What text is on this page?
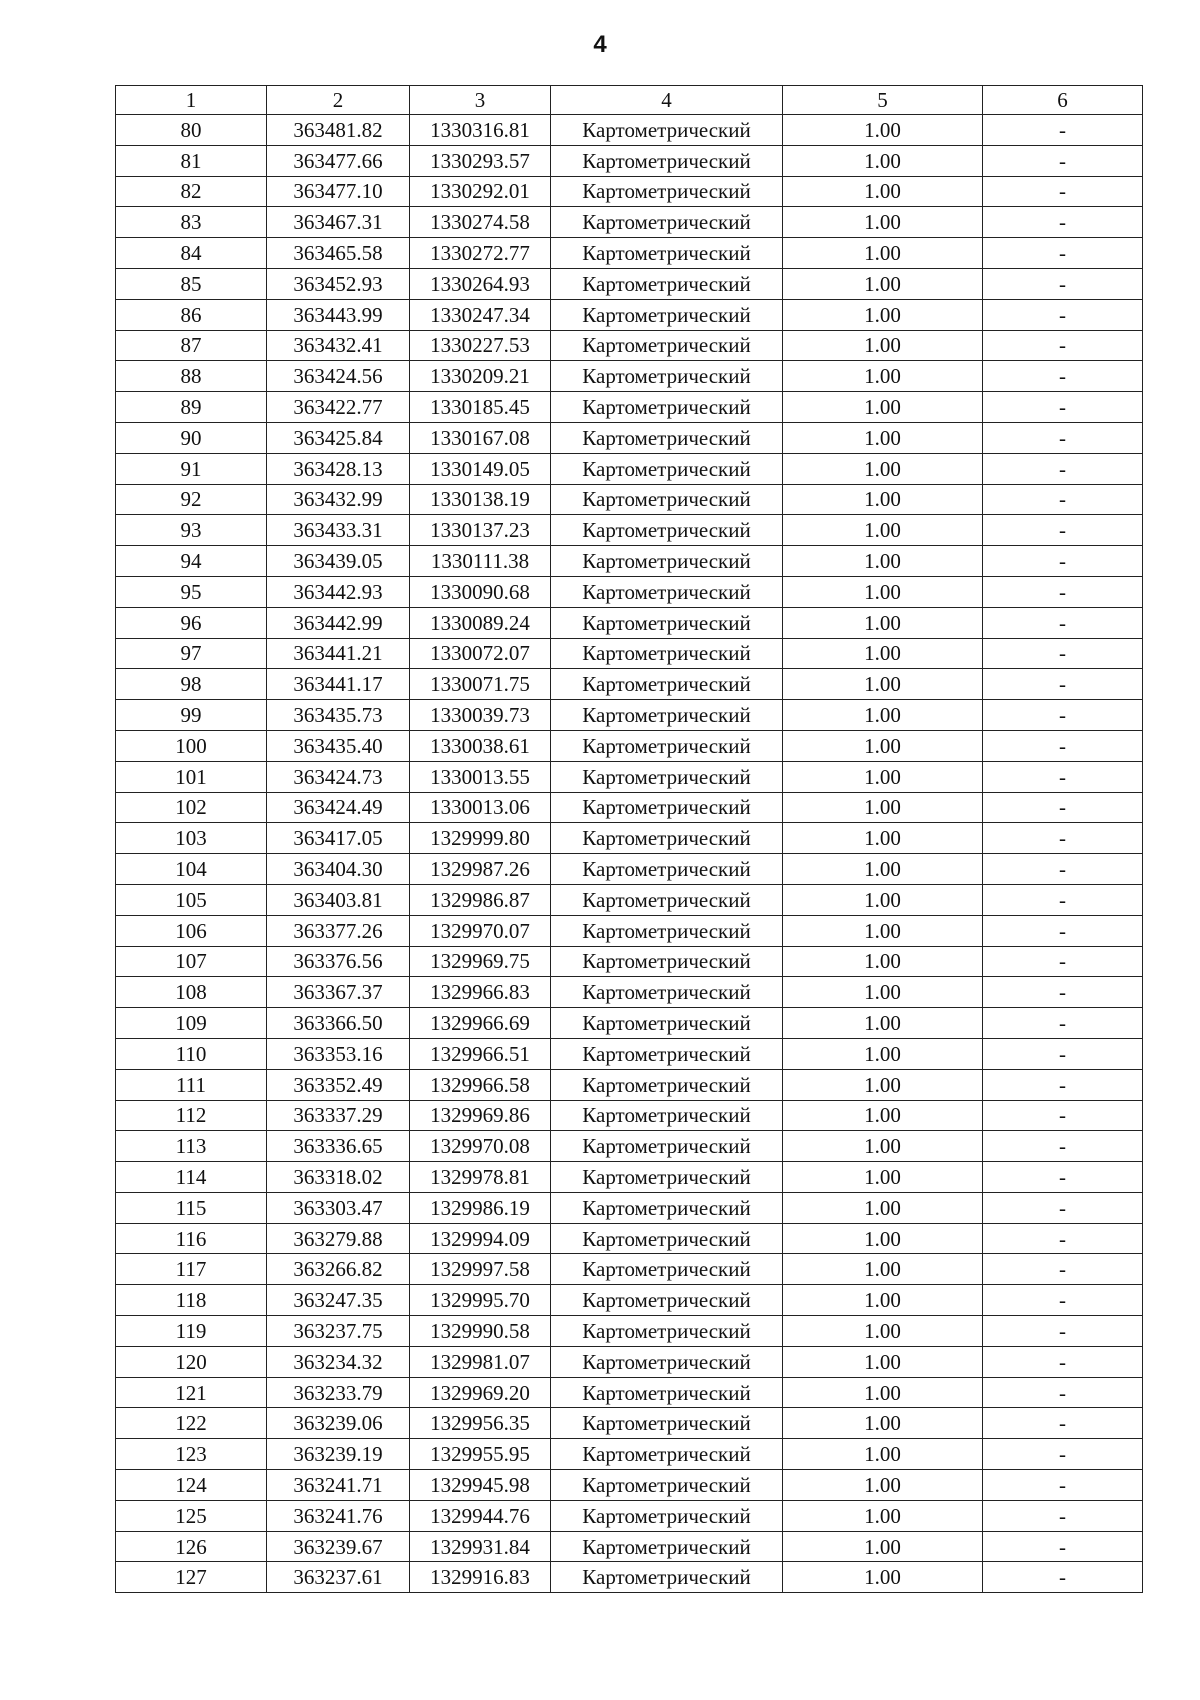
4
1	2	3	4	5	6
80	363481.82	1330316.81	Картометрический	1.00	-
81	363477.66	1330293.57	Картометрический	1.00	-
82	363477.10	1330292.01	Картометрический	1.00	-
83	363467.31	1330274.58	Картометрический	1.00	-
84	363465.58	1330272.77	Картометрический	1.00	-
85	363452.93	1330264.93	Картометрический	1.00	-
86	363443.99	1330247.34	Картометрический	1.00	-
87	363432.41	1330227.53	Картометрический	1.00	-
88	363424.56	1330209.21	Картометрический	1.00	-
89	363422.77	1330185.45	Картометрический	1.00	-
90	363425.84	1330167.08	Картометрический	1.00	-
91	363428.13	1330149.05	Картометрический	1.00	-
92	363432.99	1330138.19	Картометрический	1.00	-
93	363433.31	1330137.23	Картометрический	1.00	-
94	363439.05	1330111.38	Картометрический	1.00	-
95	363442.93	1330090.68	Картометрический	1.00	-
96	363442.99	1330089.24	Картометрический	1.00	-
97	363441.21	1330072.07	Картометрический	1.00	-
98	363441.17	1330071.75	Картометрический	1.00	-
99	363435.73	1330039.73	Картометрический	1.00	-
100	363435.40	1330038.61	Картометрический	1.00	-
101	363424.73	1330013.55	Картометрический	1.00	-
102	363424.49	1330013.06	Картометрический	1.00	-
103	363417.05	1329999.80	Картометрический	1.00	-
104	363404.30	1329987.26	Картометрический	1.00	-
105	363403.81	1329986.87	Картометрический	1.00	-
106	363377.26	1329970.07	Картометрический	1.00	-
107	363376.56	1329969.75	Картометрический	1.00	-
108	363367.37	1329966.83	Картометрический	1.00	-
109	363366.50	1329966.69	Картометрический	1.00	-
110	363353.16	1329966.51	Картометрический	1.00	-
111	363352.49	1329966.58	Картометрический	1.00	-
112	363337.29	1329969.86	Картометрический	1.00	-
113	363336.65	1329970.08	Картометрический	1.00	-
114	363318.02	1329978.81	Картометрический	1.00	-
115	363303.47	1329986.19	Картометрический	1.00	-
116	363279.88	1329994.09	Картометрический	1.00	-
117	363266.82	1329997.58	Картометрический	1.00	-
118	363247.35	1329995.70	Картометрический	1.00	-
119	363237.75	1329990.58	Картометрический	1.00	-
120	363234.32	1329981.07	Картометрический	1.00	-
121	363233.79	1329969.20	Картометрический	1.00	-
122	363239.06	1329956.35	Картометрический	1.00	-
123	363239.19	1329955.95	Картометрический	1.00	-
124	363241.71	1329945.98	Картометрический	1.00	-
125	363241.76	1329944.76	Картометрический	1.00	-
126	363239.67	1329931.84	Картометрический	1.00	-
127	363237.61	1329916.83	Картометрический	1.00	-
